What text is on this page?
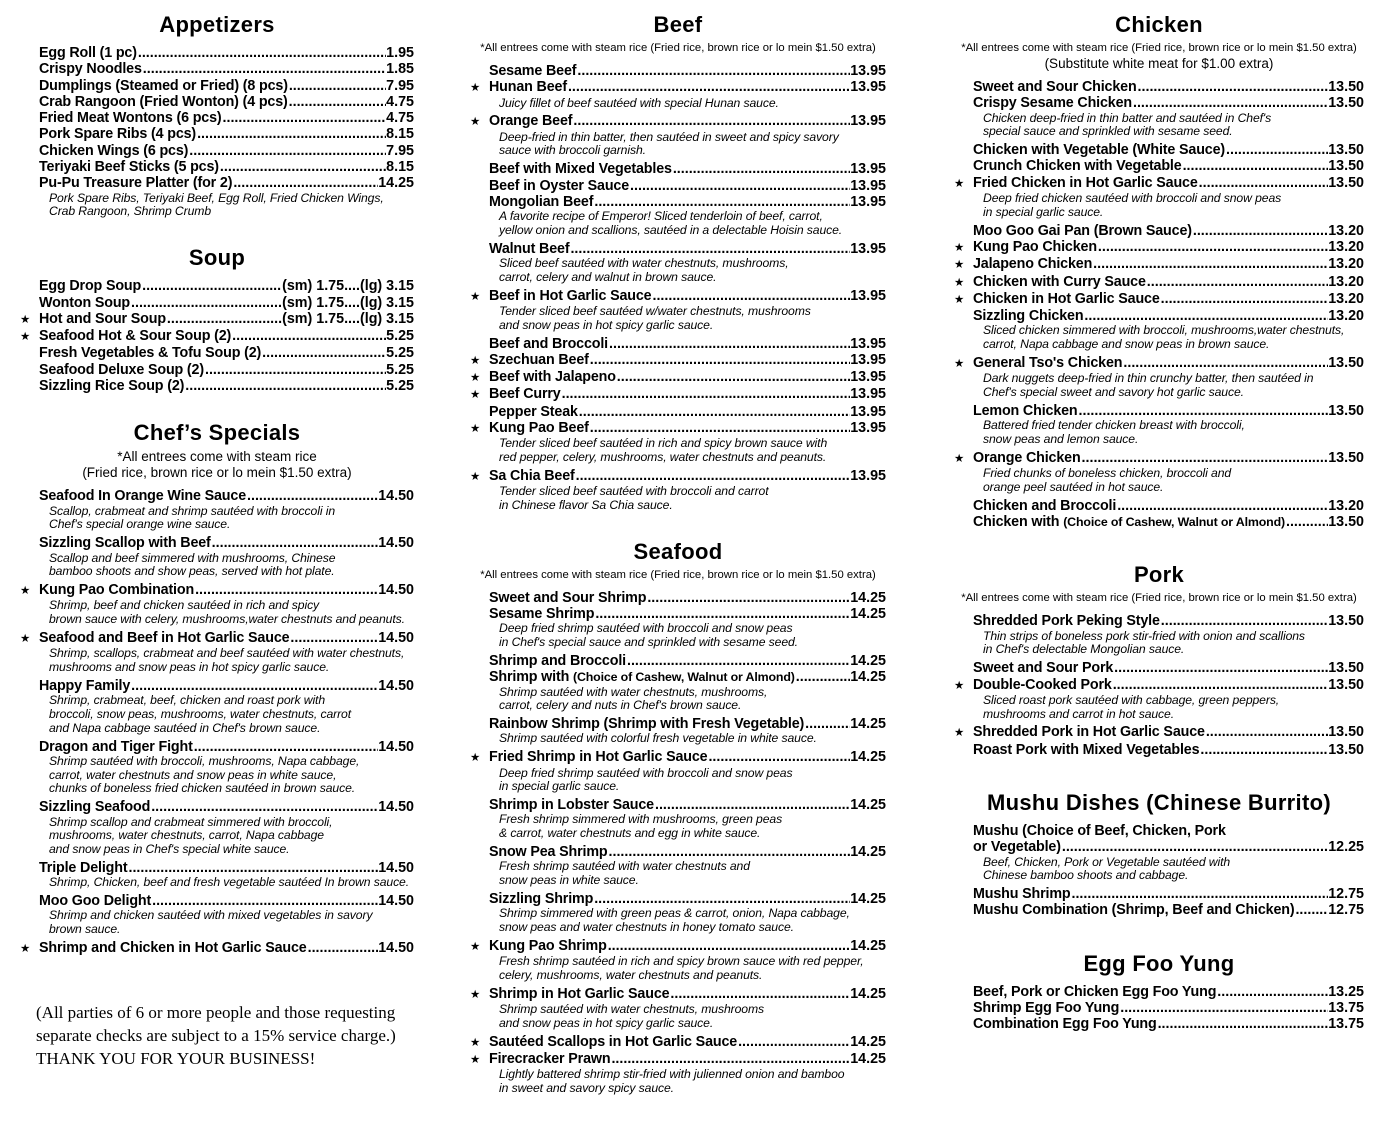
Appetizers
Egg Roll (1 pc) .....	1.95
Crispy Noodles .....	1.85
Dumplings (Steamed or Fried) (8 pcs) .....	7.95
Crab Rangoon (Fried Wonton) (4 pcs) .....	4.75
Fried Meat Wontons (6 pcs) .....	4.75
Pork Spare Ribs (4 pcs) .....	8.15
Chicken Wings (6 pcs) .....	7.95
Teriyaki Beef Sticks (5 pcs) .....	8.15
Pu-Pu Treasure Platter (for 2) .....	14.25
Pork Spare Ribs, Teriyaki Beef, Egg Roll, Fried Chicken Wings,
Crab Rangoon, Shrimp Crumb
Soup
Egg Drop Soup .....	(sm) 1.75....(lg) 3.15
Wonton Soup .....	(sm) 1.75....(lg) 3.15
★ Hot and Sour Soup .....	(sm) 1.75....(lg) 3.15
★ Seafood Hot & Sour Soup (2) .....	5.25
Fresh Vegetables & Tofu Soup (2) .....	5.25
Seafood Deluxe Soup (2) .....	5.25
Sizzling Rice Soup (2) .....	5.25
Chef’s Specials
*All entrees come with steam rice
(Fried rice, brown rice or lo mein $1.50 extra)
Seafood In Orange Wine Sauce .....	14.50
Scallop, crabmeat and shrimp sautéed with broccoli in
Chef's special orange wine sauce.
Sizzling Scallop with Beef .....	14.50
Scallop and beef simmered with mushrooms, Chinese
bamboo shoots and show peas, served with hot plate.
★ Kung Pao Combination .....	14.50
Shrimp, beef and chicken sautéed in rich and spicy
brown sauce with celery, mushrooms,water chestnuts and peanuts.
★ Seafood and Beef in Hot Garlic Sauce .....	14.50
Shrimp, scallops, crabmeat and beef sautéed with water chestnuts,
mushrooms and snow peas in hot spicy garlic sauce.
Happy Family .....	14.50
Shrimp, crabmeat, beef, chicken and roast pork with
broccoli, snow peas, mushrooms, water chestnuts, carrot
and Napa cabbage sautéed in Chef's brown sauce.
Dragon and Tiger Fight .....	14.50
Shrimp sautéed with broccoli, mushrooms, Napa cabbage,
carrot, water chestnuts and snow peas in white sauce,
chunks of boneless fried chicken sautéed in brown sauce.
Sizzling Seafood .....	14.50
Shrimp scallop and crabmeat simmered with broccoli,
mushrooms, water chestnuts, carrot, Napa cabbage
and snow peas in Chef's special white sauce.
Triple Delight .....	14.50
Shrimp, Chicken, beef and fresh vegetable sautéed In brown sauce.
Moo Goo Delight .....	14.50
Shrimp and chicken sautéed with mixed vegetables in savory
brown sauce.
★ Shrimp and Chicken in Hot Garlic Sauce .....	14.50
(All parties of 6 or more people and those requesting
separate checks are subject to a 15% service charge.)
THANK YOU FOR YOUR BUSINESS!
Beef
*All entrees come with steam rice (Fried rice, brown rice or lo mein $1.50 extra)
Sesame Beef .....	13.95
★ Hunan Beef .....	13.95
Juicy fillet of beef sautéed with special Hunan sauce.
★ Orange Beef .....	13.95
Deep-fried in thin batter, then sautéed in sweet and spicy savory
sauce with broccoli garnish.
Beef with Mixed Vegetables .....	13.95
Beef in Oyster Sauce .....	13.95
Mongolian Beef .....	13.95
A favorite recipe of Emperor! Sliced tenderloin of beef, carrot,
yellow onion and scallions, sautéed in a delectable Hoisin sauce.
Walnut Beef .....	13.95
Sliced beef sautéed with water chestnuts, mushrooms,
carrot, celery and walnut in brown sauce.
★ Beef in Hot Garlic Sauce .....	13.95
Tender sliced beef sautéed w/water chestnuts, mushrooms
and snow peas in hot spicy garlic sauce.
Beef and Broccoli .....	13.95
★ Szechuan Beef .....	13.95
★ Beef with Jalapeno .....	13.95
★ Beef Curry .....	13.95
Pepper Steak .....	13.95
★ Kung Pao Beef .....	13.95
Tender sliced beef sautéed in rich and spicy brown sauce with
red pepper, celery, mushrooms, water chestnuts and peanuts.
★ Sa Chia Beef .....	13.95
Tender sliced beef sautéed with broccoli and carrot
in Chinese flavor Sa Chia sauce.
Seafood
*All entrees come with steam rice (Fried rice, brown rice or lo mein $1.50 extra)
Sweet and Sour Shrimp .....	14.25
Sesame Shrimp .....	14.25
Deep fried shrimp sautéed with broccoli and snow peas
in Chef's special sauce and sprinkled with sesame seed.
Shrimp and Broccoli .....	14.25
Shrimp with (Choice of Cashew, Walnut or Almond) .....	14.25
Shrimp sautéed with water chestnuts, mushrooms,
carrot, celery and nuts in Chef's brown sauce.
Rainbow Shrimp (Shrimp with Fresh Vegetable) .....	14.25
Shrimp sautéed with colorful fresh vegetable in white sauce.
★ Fried Shrimp in Hot Garlic Sauce .....	14.25
Deep fried shrimp sautéed with broccoli and snow peas
in special garlic sauce.
Shrimp in Lobster Sauce .....	14.25
Fresh shrimp simmered with mushrooms, green peas
& carrot, water chestnuts and egg in white sauce.
Snow Pea Shrimp .....	14.25
Fresh shrimp sautéed with water chestnuts and
snow peas in white sauce.
Sizzling Shrimp .....	14.25
Shrimp simmered with green peas & carrot, onion, Napa cabbage,
snow peas and water chestnuts in honey tomato sauce.
★ Kung Pao Shrimp .....	14.25
Fresh shrimp sautéed in rich and spicy brown sauce with red pepper,
celery, mushrooms, water chestnuts and peanuts.
★ Shrimp in Hot Garlic Sauce .....	14.25
Shrimp sautéed with water chestnuts, mushrooms
and snow peas in hot spicy garlic sauce.
★ Sautéed Scallops in Hot Garlic Sauce .....	14.25
★ Firecracker Prawn .....	14.25
Lightly battered shrimp stir-fried with julienned onion and bamboo
in sweet and savory spicy sauce.
Chicken
*All entrees come with steam rice (Fried rice, brown rice or lo mein $1.50 extra)
(Substitute white meat for $1.00 extra)
Sweet and Sour Chicken .....	13.50
Crispy Sesame Chicken .....	13.50
Chicken deep-fried in thin batter and sautéed in Chef's
special sauce and sprinkled with sesame seed.
Chicken with Vegetable (White Sauce) .....	13.50
Crunch Chicken with Vegetable .....	13.50
★ Fried Chicken in Hot Garlic Sauce .....	13.50
Deep fried chicken sautéed with broccoli and snow peas
in special garlic sauce.
Moo Goo Gai Pan (Brown Sauce) .....	13.20
★ Kung Pao Chicken .....	13.20
★ Jalapeno Chicken .....	13.20
★ Chicken with Curry Sauce .....	13.20
★ Chicken in Hot Garlic Sauce .....	13.20
Sizzling Chicken .....	13.20
Sliced chicken simmered with broccoli, mushrooms,water chestnuts,
carrot, Napa cabbage and snow peas in brown sauce.
★ General Tso's Chicken .....	13.50
Dark nuggets deep-fried in thin crunchy batter, then sautéed in
Chef's special sweet and savory hot garlic sauce.
Lemon Chicken .....	13.50
Battered fried tender chicken breast with broccoli,
snow peas and lemon sauce.
★ Orange Chicken .....	13.50
Fried chunks of boneless chicken, broccoli and
orange peel sautéed in hot sauce.
Chicken and Broccoli .....	13.20
Chicken with (Choice of Cashew, Walnut or Almond) .....	13.50
Pork
*All entrees come with steam rice (Fried rice, brown rice or lo mein $1.50 extra)
Shredded Pork Peking Style .....	13.50
Thin strips of boneless pork stir-fried with onion and scallions
in Chef's delectable Mongolian sauce.
Sweet and Sour Pork .....	13.50
★ Double-Cooked Pork .....	13.50
Sliced roast pork sautéed with cabbage, green peppers,
mushrooms and carrot in hot sauce.
★ Shredded Pork in Hot Garlic Sauce .....	13.50
Roast Pork with Mixed Vegetables .....	13.50
Mushu Dishes (Chinese Burrito)
Mushu (Choice of Beef, Chicken, Pork
or Vegetable) .....	12.25
Beef, Chicken, Pork or Vegetable sautéed with
Chinese bamboo shoots and cabbage.
Mushu Shrimp .....	12.75
Mushu Combination (Shrimp, Beef and Chicken) ..... 12.75
Egg Foo Yung
Beef, Pork or Chicken Egg Foo Yung .....	13.25
Shrimp Egg Foo Yung .....	13.75
Combination Egg Foo Yung .....	13.75
